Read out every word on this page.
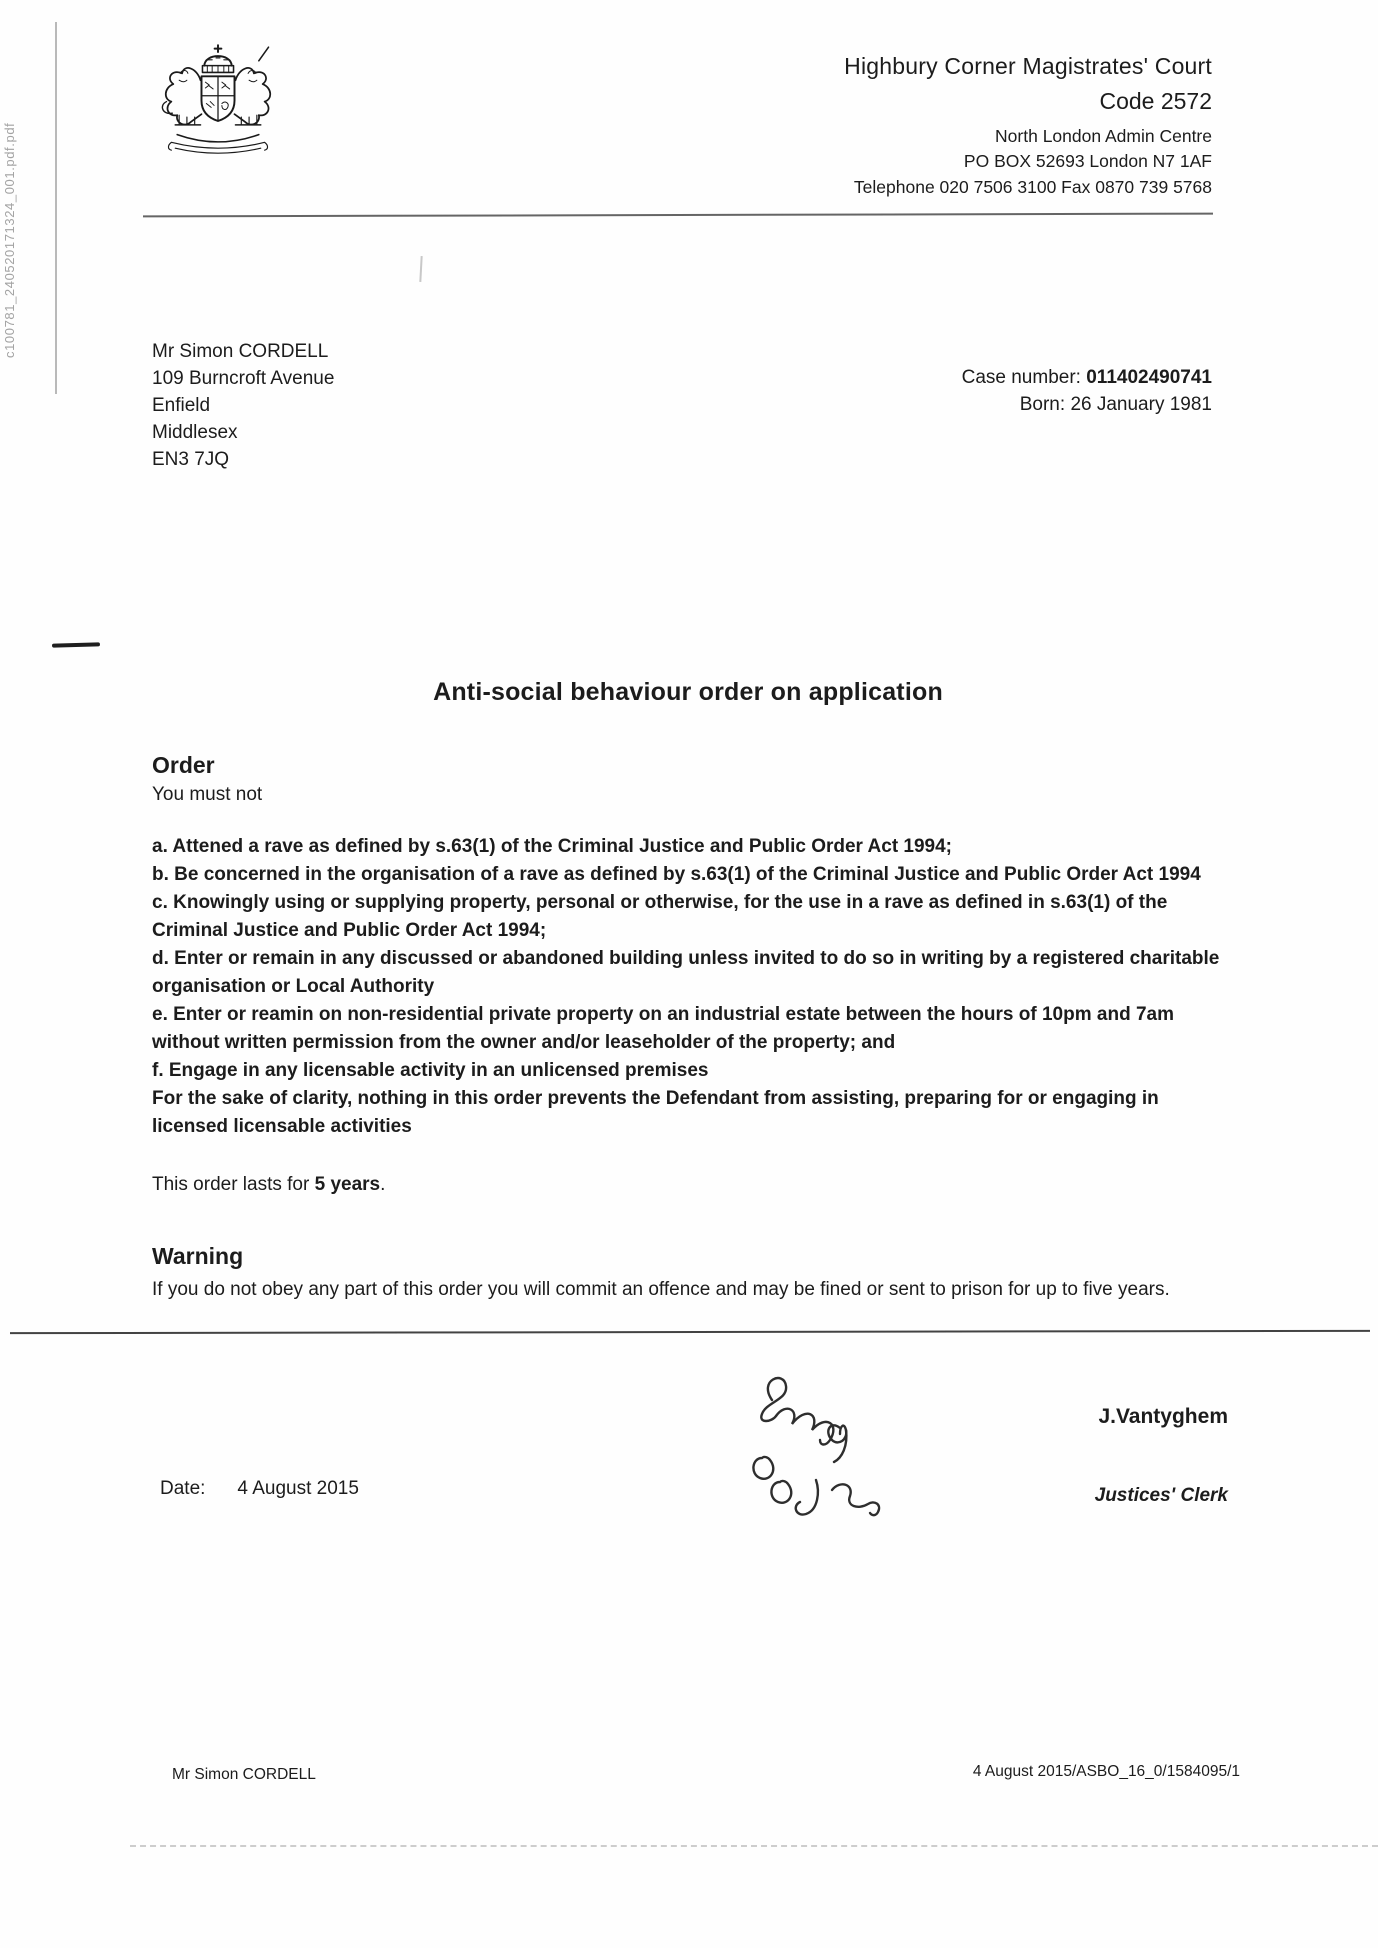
c100781_240520171324_001.pdf.pdf
Highbury Corner Magistrates' Court
Code 2572
North London Admin Centre
PO BOX 52693 London N7 1AF
Telephone 020 7506 3100 Fax 0870 739 5768
Mr Simon CORDELL
109 Burncroft Avenue
Enfield
Middlesex
EN3 7JQ
Case number: 011402490741
Born: 26 January 1981
Anti-social behaviour order on application
Order

You must not

a. Attened a rave as defined by s.63(1) of the Criminal Justice and Public Order Act 1994;

b. Be concerned in the organisation of a rave as defined by s.63(1) of the Criminal Justice and Public Order Act 1994

c. Knowingly using or supplying property, personal or otherwise, for the use in a rave as defined in s.63(1) of the Criminal Justice and Public Order Act 1994;

d. Enter or remain in any discussed or abandoned building unless invited to do so in writing by a registered charitable organisation or Local Authority

e. Enter or reamin on non-residential private property on an industrial estate between the hours of 10pm and 7am without written permission from the owner and/or leaseholder of the property; and

f. Engage in any licensable activity in an unlicensed premises

For the sake of clarity, nothing in this order prevents the Defendant from assisting, preparing for or engaging in licensed licensable activities

This order lasts for 5 years.

Warning

If you do not obey any part of this order you will commit an offence and may be fined or sent to prison for up to five years.

J.Vantyghem
Justices' Clerk
Date: 4 August 2015
Mr Simon CORDELL	4 August 2015/ASBO_16_0/1584095/1
